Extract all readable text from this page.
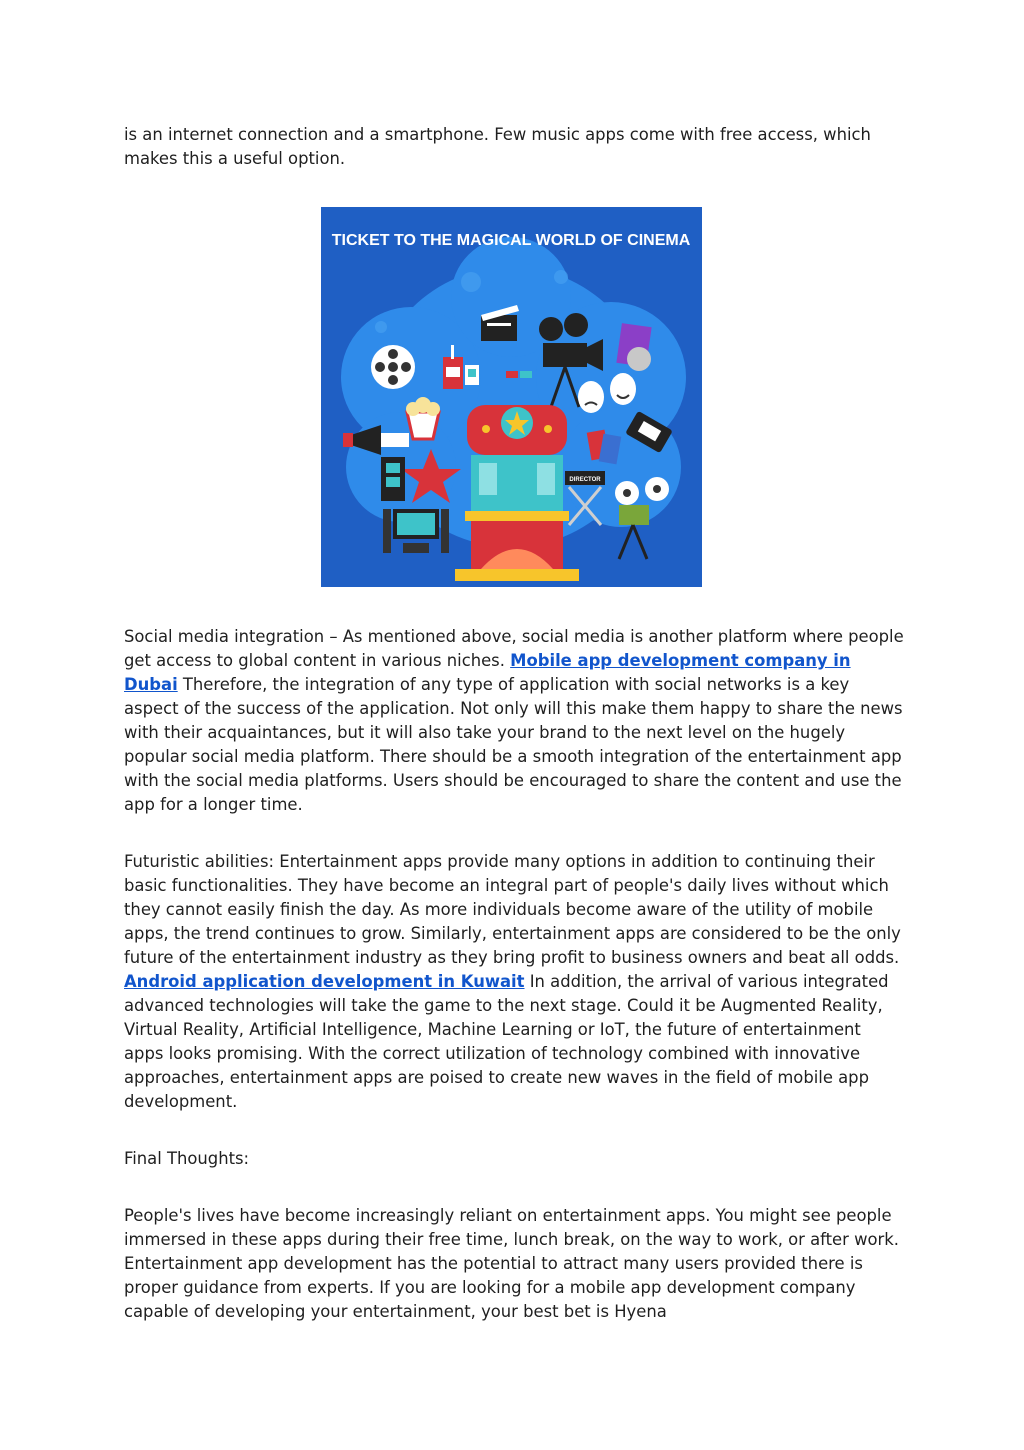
is an internet connection and a smartphone. Few music apps come with free access, which makes this a useful option.

TICKET TO THE MAGICAL WORLD OF CINEMA
DIRECTOR

Social media integration – As mentioned above, social media is another platform where people get access to global content in various niches. Mobile app development company in Dubai Therefore, the integration of any type of application with social networks is a key aspect of the success of the application. Not only will this make them happy to share the news with their acquaintances, but it will also take your brand to the next level on the hugely popular social media platform. There should be a smooth integration of the entertainment app with the social media platforms. Users should be encouraged to share the content and use the app for a longer time.

Futuristic abilities: Entertainment apps provide many options in addition to continuing their basic functionalities. They have become an integral part of people's daily lives without which they cannot easily finish the day. As more individuals become aware of the utility of mobile apps, the trend continues to grow. Similarly, entertainment apps are considered to be the only future of the entertainment industry as they bring profit to business owners and beat all odds. Android application development in Kuwait In addition, the arrival of various integrated advanced technologies will take the game to the next stage. Could it be Augmented Reality, Virtual Reality, Artificial Intelligence, Machine Learning or IoT, the future of entertainment apps looks promising. With the correct utilization of technology combined with innovative approaches, entertainment apps are poised to create new waves in the field of mobile app development.

Final Thoughts:

People's lives have become increasingly reliant on entertainment apps. You might see people immersed in these apps during their free time, lunch break, on the way to work, or after work. Entertainment app development has the potential to attract many users provided there is proper guidance from experts. If you are looking for a mobile app development company capable of developing your entertainment, your best bet is Hyena
